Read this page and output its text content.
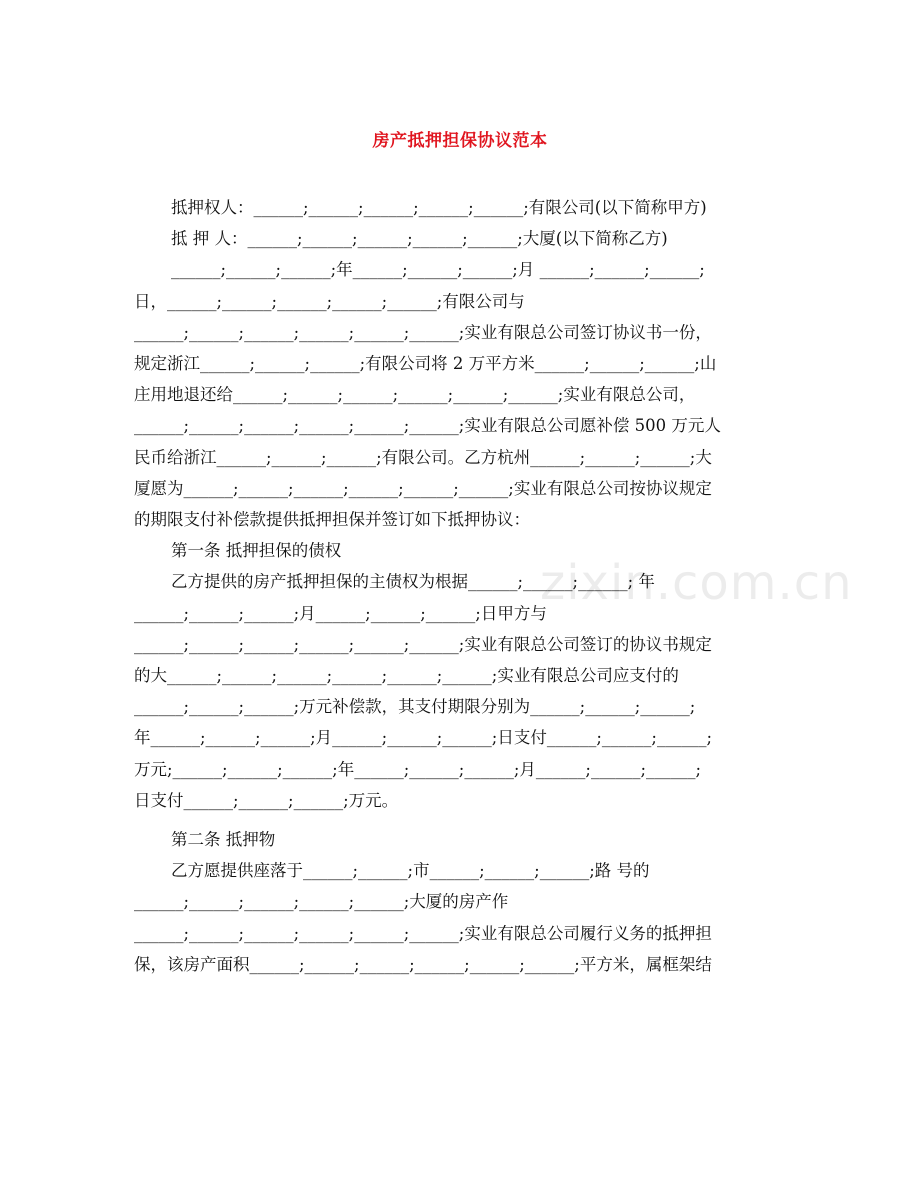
房产抵押担保协议范本

抵押权人：______;______;______;______;______;有限公司(以下简称甲方)

抵 押 人：______;______;______;______;______;大厦(以下简称乙方)

______;______;______;年______;______;______;月 ______;______;______;

日，______;______;______;______;______;有限公司与

______;______;______;______;______;______;实业有限总公司签订协议书一份，

规定浙江______;______;______;有限公司将 2 万平方米______;______;______;山

庄用地退还给______;______;______;______;______;______;实业有限总公司，

______;______;______;______;______;______;实业有限总公司愿补偿 500 万元人

民币给浙江______;______;______;有限公司。乙方杭州______;______;______;大

厦愿为______;______;______;______;______;______;实业有限总公司按协议规定

的期限支付补偿款提供抵押担保并签订如下抵押协议：

第一条 抵押担保的债权

乙方提供的房产抵押担保的主债权为根据______;______;______; 年

______;______;______;月______;______;______;日甲方与

______;______;______;______;______;______;实业有限总公司签订的协议书规定

的大______;______;______;______;______;______;实业有限总公司应支付的

______;______;______;万元补偿款，其支付期限分别为______;______;______;

年______;______;______;月______;______;______;日支付______;______;______;

万元;______;______;______;年______;______;______;月______;______;______;

日支付______;______;______;万元。

第二条 抵押物

乙方愿提供座落于______;______;市______;______;______;路 号的

______;______;______;______;______;大厦的房产作

______;______;______;______;______;______;实业有限总公司履行义务的抵押担

保，该房产面积______;______;______;______;______;______;平方米，属框架结

zixin.com.cn
